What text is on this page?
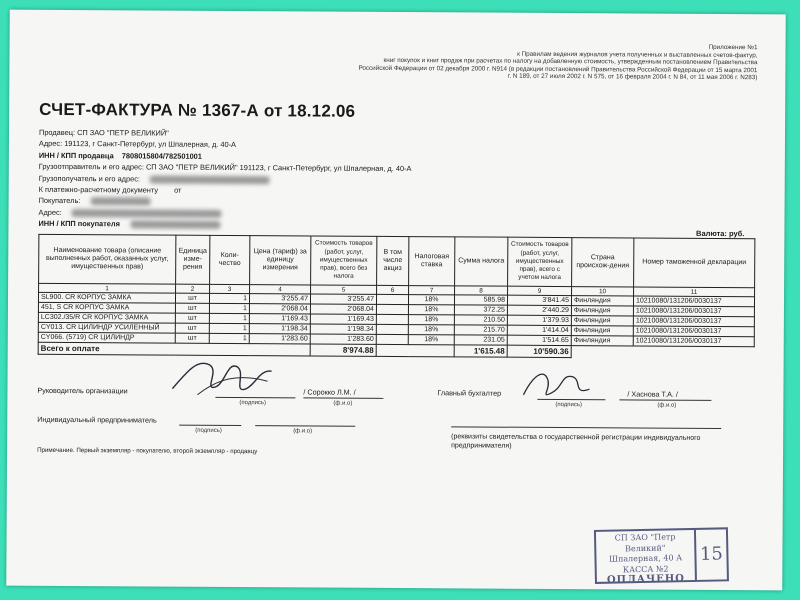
Приложение №1
к Правилам ведения журналов учета полученных и выставленных счетов-фактур,
книг покупок и книг продаж при расчетах по налогу на добавленную стоимость, утвержденным постановлением Правительства
Российской Федерации от 02 декабря 2000 г. N914 (в редакции постановлений Правительства Российской Федерации от 15 марта 2001
г. N 189, от 27 июля 2002 г. N 575, от 16 февраля 2004 г. N 84, от 11 мая 2006 г. N283)
СЧЕТ-ФАКТУРА № 1367-А от 18.12.06
Продавец: СП ЗАО "ПЕТР ВЕЛИКИЙ"
Адрес: 191123, г Санкт-Петербург, ул Шпалерная, д. 40-А
ИНН / КПП продавца 7808015804/782501001
Грузоотправитель и его адрес: СП ЗАО "ПЕТР ВЕЛИКИЙ" 191123, г Санкт-Петербург, ул Шпалерная, д. 40-А
Грузополучатель и его адрес:
К платежно-расчетному документу от
Покупатель:
Адрес:
ИНН / КПП покупателя
Валюта: руб.
Наименование товара (описание выполненных работ, оказанных услуг, имущественных прав)	Единица изме-рения	Коли-чество	Цена (тариф) за единицу измерения	Стоимость товаров (работ, услуг, имущественных прав), всего без налога	В том числе акциз	Налоговая ставка	Сумма налога	Стоимость товаров (работ, услуг, имущественных прав), всего с учетом налога	Страна происхож-дения	Номер таможенной декларации
1	2	3	4	5	6	7	8	9	10	11
SL900. CR КОРПУС ЗАМКА	шт	1	3'255.47	3'255.47		18%	585.98	3'841.45	Финляндия	10210080/131206/0030137
451, S CR КОРПУС ЗАМКА	шт	1	2'068.04	2'068.04		18%	372.25	2'440.29	Финляндия	10210080/131206/0030137
LC302./35/R CR КОРПУС ЗАМКА	шт	1	1'169.43	1'169.43		18%	210.50	1'379.93	Финляндия	10210080/131206/0030137
CY013. CR ЦИЛИНДР УСИЛЕННЫЙ	шт	1	1'198.34	1'198.34		18%	215.70	1'414.04	Финляндия	10210080/131206/0030137
CY066. (5719) CR ЦИЛИНДР	шт	1	1'283.60	1'283.60		18%	231.05	1'514.65	Финляндия	10210080/131206/0030137
Всего к оплате				8'974.88			1'615.48	10'590.36		
Руководитель организации
(подпись)
/ Сорокко Л.М. /
(ф.и.о)
Главный бухгалтер
(подпись)
/ Хаснова Т.А. /
(ф.и.о)
Индивидуальный предприниматель
(подпись)	(ф.и.о)
(реквизиты свидетельства о государственной регистрации индивидуального предпринимателя)
Примечание. Первый экземпляр - покупателю, второй экземпляр - продавцу
СП ЗАО "Петр Великий"
Шпалерная, 40 А
КАССА №2
ОПЛАЧЕНО
15
